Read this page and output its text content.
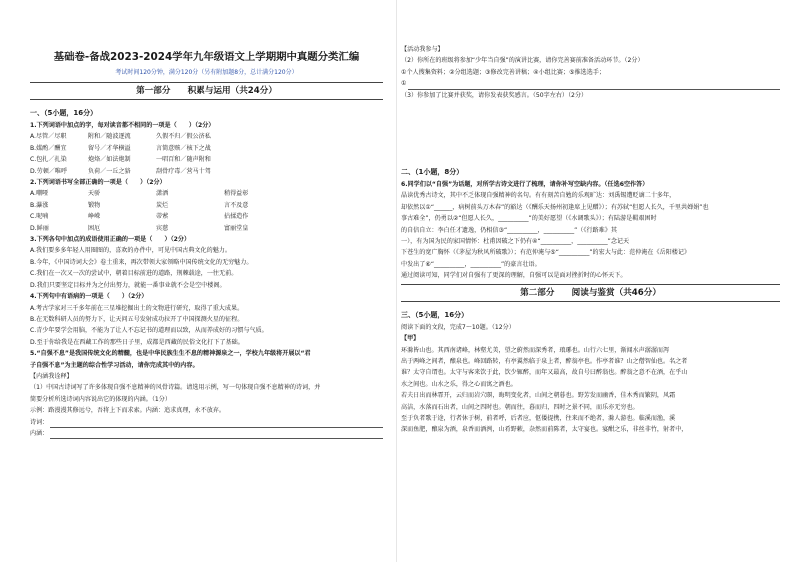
基础卷-备战2023-2024学年九年级语文上学期期中真题分类汇编
考试时间120分钟，满分120分（另有附加题8分，总计满分120分）
第一部分　　积累与运用（共24分）
一、（5小题，16分）
1.下列词语中加点的字，每对读音都不相同的一项是（　　）（2分）
A.尽管／尽职	附和／随波逐流	久假不归／假公济私
B.媒酌／酬宜	留号／才华横溢	言简意赅／核下之战
C.包扎／扎染	炮烙／如法炮制	一唱百和／随声附和
D.劳顿／唯呼	负荷／一丘之貉	刮骨疗毒／营马十驾
2.下列词语书写全部正确的一项是（　　）（2分）
A.嘲哑	天骄	潇洒	稍得益彰
B.瀑涨	锻物	炭烂	言不及意
C.呢喃	峥嵘	蒂萦	拈揉造作
D.鲜丽	困厄	宾慈	富丽堂皇
3.下列各句中加点的成语使用正确的一项是（　　）（2分）
A.我们要多多年轻人用圈图的，喜欢的办件中，可见中国古典文化的魅力。
B.今年，《中国诗词大会》卷土重来，再次带领大家领略中国传统文化的无穷魅力。
C.我们在一次又一次的尝试中，朝着目标前进的道路，荆棘载途，一往无前。
D.我们只要坚定目标并为之付出努力，就能一番事业就不会是空中楼阁。
4.下列句中有语病的一项是（　　）（2分）
A.考古学家对三千多年前在三星堆挖掘出土的文物进行研究，取得了重大成果。
B.在无数科研人员的努力下，让天问五号发射成功拉开了中国探测火星的征程。
C.青少年要学会用脑，不能为了让人不忘记书的道理而以致，从而养成好的习惯与气质。
D.至于你给我是在西藏工作的那些日子里，成都是西藏的民俗文化打下了基础。
5.“自强不息”是我国传统文化的精髓，也是中华民族生生不息的精神源泉之一，学校九年级将开展以“君
子自强不息”为主题的综合性学习活动，请你完成其中的内容。
【内涵我诠释】
（1）中国古诗词写了许多体现自强不息精神的风骨诗篇。请选用示例，写一句体现自强不息精神的诗词，并
简要分析所选诗词内容说出它的体现的内涵。（1分）
示例：路漫漫其修远兮，吾将上下而求索。内涵：追求真理，永不放弃。
诗词：
内涵：
【活动我参与】
（2）你所在的班级将参加“少年当自强”的演讲比赛，请你完善赛前准备活动环节。（2分）
①个人搜集资料；②分组选题；③修改完善讲稿；④小组比赛；⑤推选选手；
①
（3）你参加了比赛并获奖，请你发表获奖感言。（50字左右）（2分）
二、（1小题，8分）
6.同学们以“自强”为话题，对所学古诗文进行了梳理，请你补写空缺内容。（任选6空作答）
晶读优秀古诗文，其中不乏体现自强精神的名句。有有刻苦自勉的乐观旷达：刘禹锡遭贬谪二十多年，
却依然以①“______，病树前头万木春”的豁达（《酬乐天扬州初逢席上见赠》）；有苏轼“但愿人长久，千里共婵娟”也
事古难全”，仍勇以②“但愿人长久，__________”的美好愿望（《水调歌头》）；有陆游是羁艰困时
的自信自立：李白任才遗逸，仍相信③“__________，__________”（《行路难》其
一），有为国为民的家国情怀：杜甫因破之下仍有④“__________，__________”念记天
下苍生的宽广胸怀（《茅屋为秋风所破歌》）；有范仲淹与⑤“__________”的宏大与此：范仲淹在《岳阳楼记》
中发出了⑥“__________，__________”的豪言壮语。
通过阅读可知，同学们对自强有了更深的理解，自强可以是面对挫折时的心怀天下。
第二部分　　阅读与鉴赏（共46分）
三、（5小题，16分）
阅读下面的文段，完成7～10题。（12分）
【甲】
环滁皆山也。其西南诸峰，林壑尤美，望之蔚然而深秀者，琅琊也。山行六七里，渐闻水声潺潺而泻
出于两峰之间者，酿泉也。峰回路转，有亭翼然临于泉上者，醉翁亭也。作亭者谁？山之僧智仙也。名之者
谁？太守自谓也。太守与客来饮于此，饮少辄醉，而年又最高，故自号曰醉翁也。醉翁之意不在酒，在乎山
水之间也。山水之乐，得之心而寓之酒也。
若夫日出而林霏开，云归而岩穴暝，晦明变化者，山间之朝暮也。野芳发而幽香，佳木秀而繁阴，风霜
高洁，水落而石出者，山间之四时也。朝而往，暮而归，四时之景不同，而乐亦无穷也。
至于负者歌于途，行者休于树，前者呼，后者应，伛偻提携，往来而不绝者，滁人游也。临溪而渔，溪
深而鱼肥，酿泉为酒，泉香而酒洌，山肴野蔌，杂然而前陈者，太守宴也。宴酣之乐，非丝非竹，射者中，
